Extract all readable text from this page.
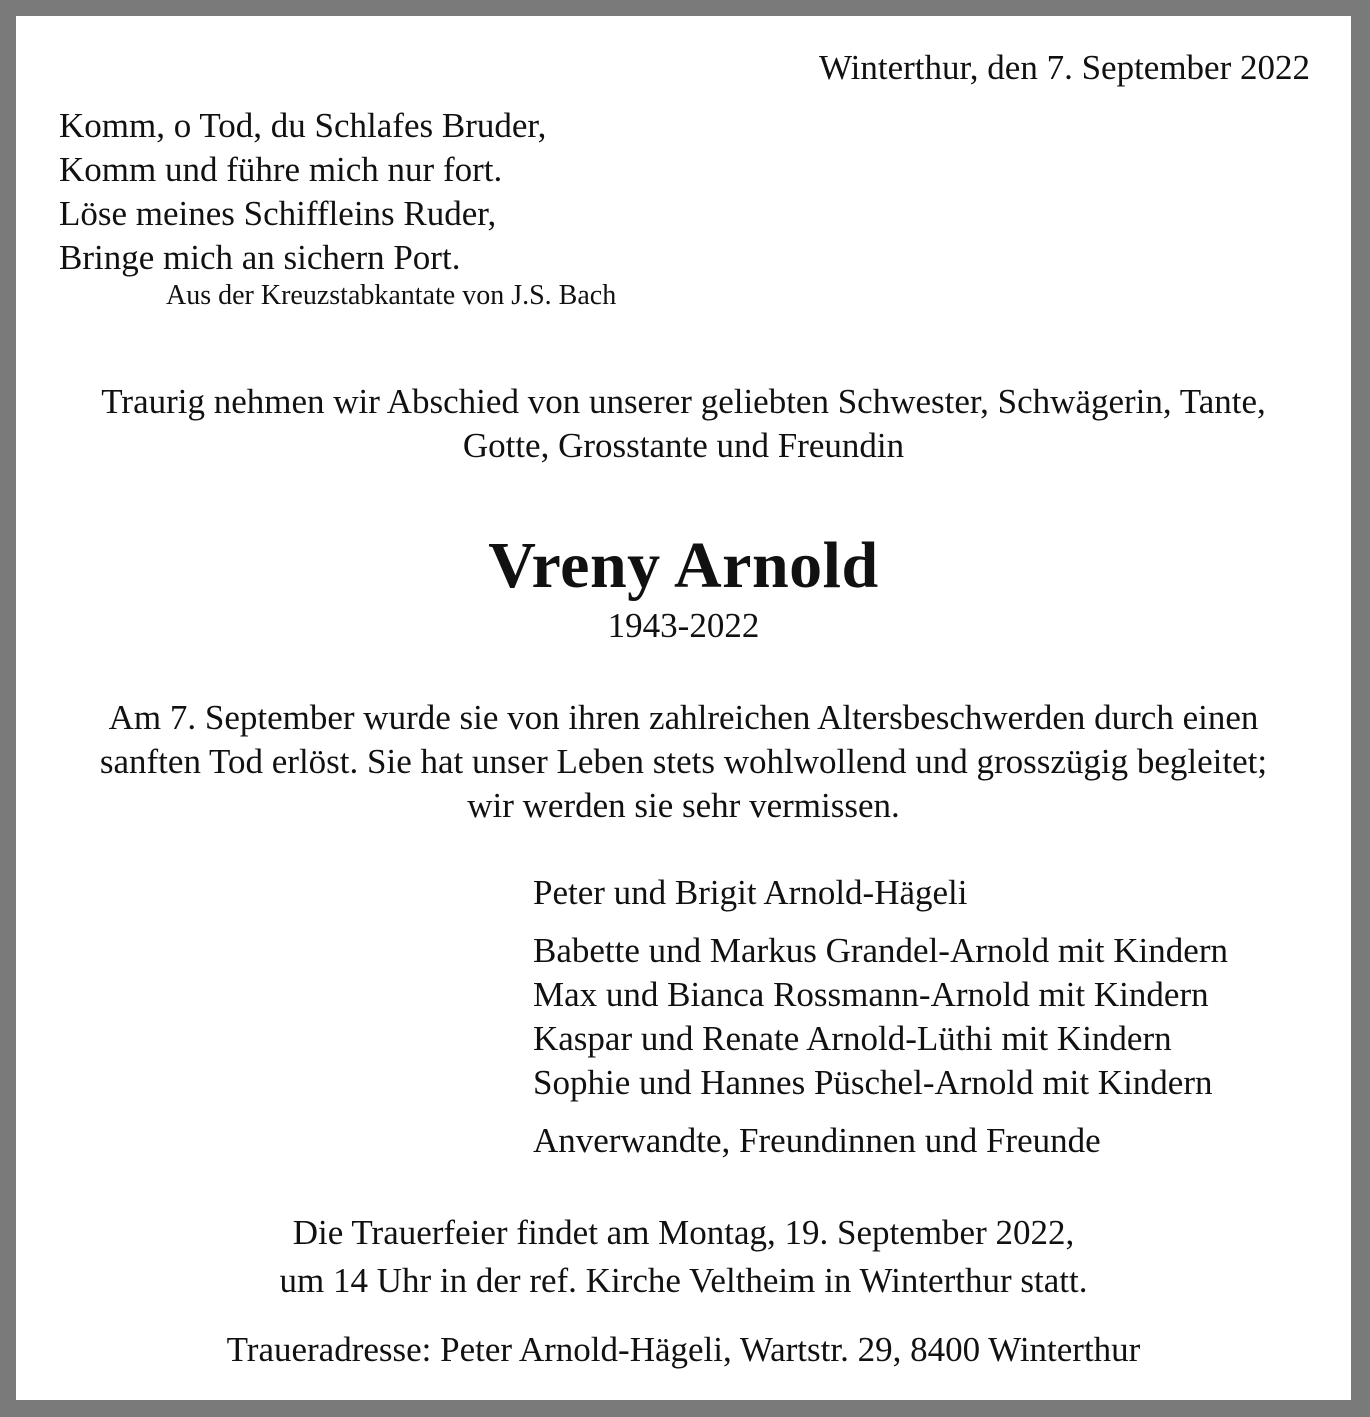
Winterthur, den 7. September 2022
Komm, o Tod, du Schlafes Bruder,
Komm und führe mich nur fort.
Löse meines Schiffleins Ruder,
Bringe mich an sichern Port.
Aus der Kreuzstabkantate von J.S. Bach
Traurig nehmen wir Abschied von unserer geliebten Schwester, Schwägerin, Tante,
Gotte, Grosstante und Freundin
Vreny Arnold
1943-2022
Am 7. September wurde sie von ihren zahlreichen Altersbeschwerden durch einen
sanften Tod erlöst. Sie hat unser Leben stets wohlwollend und grosszügig begleitet;
wir werden sie sehr vermissen.
Peter und Brigit Arnold-Hägeli
Babette und Markus Grandel-Arnold mit Kindern
Max und Bianca Rossmann-Arnold mit Kindern
Kaspar und Renate Arnold-Lüthi mit Kindern
Sophie und Hannes Püschel-Arnold mit Kindern
Anverwandte, Freundinnen und Freunde
Die Trauerfeier findet am Montag, 19. September 2022,
um 14 Uhr in der ref. Kirche Veltheim in Winterthur statt.
Traueradresse: Peter Arnold-Hägeli, Wartstr. 29, 8400 Winterthur
